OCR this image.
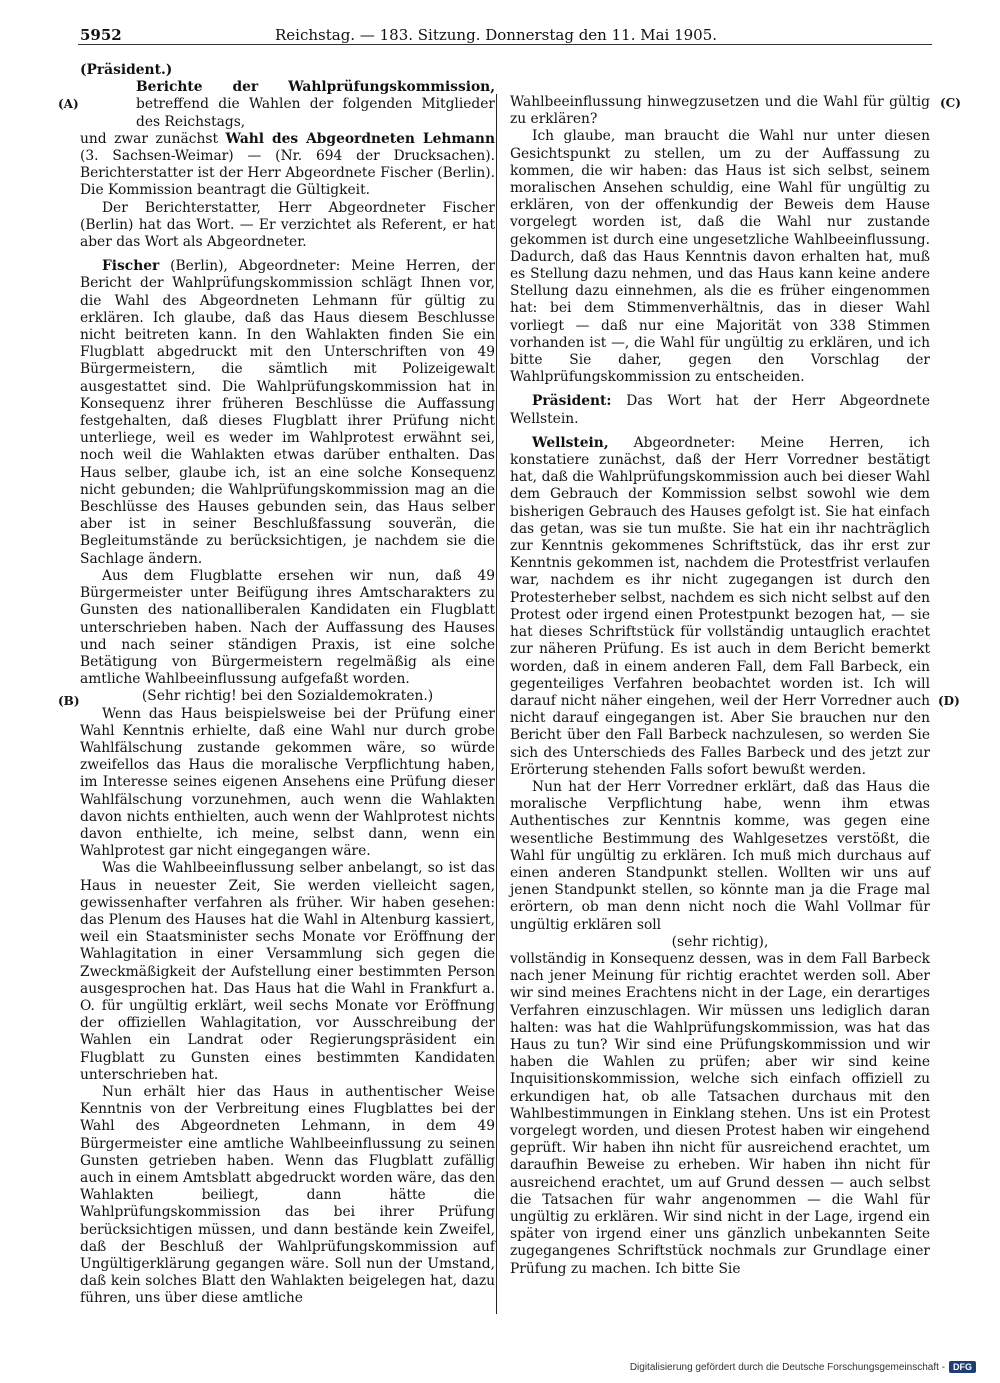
5952	Reichstag. — 183. Sitzung. Donnerstag den 11. Mai 1905.
(A)
(B)
(C)
(D)

(Präsident.)

Berichte der Wahlprüfungskommission, betreffend die Wahlen der folgenden Mitglieder des Reichstags,

und zwar zunächst Wahl des Abgeordneten Lehmann (3. Sachsen-Weimar) — (Nr. 694 der Drucksachen). Berichterstatter ist der Herr Abgeordnete Fischer (Berlin). Die Kommission beantragt die Gültigkeit.

Der Berichterstatter, Herr Abgeordneter Fischer (Berlin) hat das Wort. — Er verzichtet als Referent, er hat aber das Wort als Abgeordneter.

Fischer (Berlin), Abgeordneter: Meine Herren, der Bericht der Wahlprüfungskommission schlägt Ihnen vor, die Wahl des Abgeordneten Lehmann für gültig zu erklären. Ich glaube, daß das Haus diesem Beschlusse nicht beitreten kann. In den Wahlakten finden Sie ein Flugblatt abgedruckt mit den Unterschriften von 49 Bürgermeistern, die sämtlich mit Polizeigewalt ausgestattet sind. Die Wahlprüfungskommission hat in Konsequenz ihrer früheren Beschlüsse die Auffassung festgehalten, daß dieses Flugblatt ihrer Prüfung nicht unterliege, weil es weder im Wahlprotest erwähnt sei, noch weil die Wahlakten etwas darüber enthalten. Das Haus selber, glaube ich, ist an eine solche Konsequenz nicht gebunden; die Wahlprüfungskommission mag an die Beschlüsse des Hauses gebunden sein, das Haus selber aber ist in seiner Beschlußfassung souverän, die Begleitumstände zu berücksichtigen, je nachdem sie die Sachlage ändern.

Aus dem Flugblatte ersehen wir nun, daß 49 Bürgermeister unter Beifügung ihres Amtscharakters zu Gunsten des nationalliberalen Kandidaten ein Flugblatt unterschrieben haben. Nach der Auffassung des Hauses und nach seiner ständigen Praxis, ist eine solche Betätigung von Bürgermeistern regelmäßig als eine amtliche Wahlbeeinflussung aufgefaßt worden.

(Sehr richtig! bei den Sozialdemokraten.)

Wenn das Haus beispielsweise bei der Prüfung einer Wahl Kenntnis erhielte, daß eine Wahl nur durch grobe Wahlfälschung zustande gekommen wäre, so würde zweifellos das Haus die moralische Verpflichtung haben, im Interesse seines eigenen Ansehens eine Prüfung dieser Wahlfälschung vorzunehmen, auch wenn die Wahlakten davon nichts enthielten, auch wenn der Wahlprotest nichts davon enthielte, ich meine, selbst dann, wenn ein Wahlprotest gar nicht eingegangen wäre.

Was die Wahlbeeinflussung selber anbelangt, so ist das Haus in neuester Zeit, Sie werden vielleicht sagen, gewissenhafter verfahren als früher. Wir haben gesehen: das Plenum des Hauses hat die Wahl in Altenburg kassiert, weil ein Staatsminister sechs Monate vor Eröffnung der Wahlagitation in einer Versammlung sich gegen die Zweckmäßigkeit der Aufstellung einer bestimmten Person ausgesprochen hat. Das Haus hat die Wahl in Frankfurt a. O. für ungültig erklärt, weil sechs Monate vor Eröffnung der offiziellen Wahlagitation, vor Ausschreibung der Wahlen ein Landrat oder Regierungspräsident ein Flugblatt zu Gunsten eines bestimmten Kandidaten unterschrieben hat.

Nun erhält hier das Haus in authentischer Weise Kenntnis von der Verbreitung eines Flugblattes bei der Wahl des Abgeordneten Lehmann, in dem 49 Bürgermeister eine amtliche Wahlbeeinflussung zu seinen Gunsten getrieben haben. Wenn das Flugblatt zufällig auch in einem Amtsblatt abgedruckt worden wäre, das den Wahlakten beiliegt, dann hätte die Wahlprüfungskommission das bei ihrer Prüfung berücksichtigen müssen, und dann bestände kein Zweifel, daß der Beschluß der Wahlprüfungskommission auf Ungültigerklärung gegangen wäre. Soll nun der Umstand, daß kein solches Blatt den Wahlakten beigelegen hat, dazu führen, uns über diese amtliche

Wahlbeeinflussung hinwegzusetzen und die Wahl für gültig zu erklären?

Ich glaube, man braucht die Wahl nur unter diesen Gesichtspunkt zu stellen, um zu der Auffassung zu kommen, die wir haben: das Haus ist sich selbst, seinem moralischen Ansehen schuldig, eine Wahl für ungültig zu erklären, von der offenkundig der Beweis dem Hause vorgelegt worden ist, daß die Wahl nur zustande gekommen ist durch eine ungesetzliche Wahlbeeinflussung. Dadurch, daß das Haus Kenntnis davon erhalten hat, muß es Stellung dazu nehmen, und das Haus kann keine andere Stellung dazu einnehmen, als die es früher eingenommen hat: bei dem Stimmenverhältnis, das in dieser Wahl vorliegt — daß nur eine Majorität von 338 Stimmen vorhanden ist —, die Wahl für ungültig zu erklären, und ich bitte Sie daher, gegen den Vorschlag der Wahlprüfungskommission zu entscheiden.

Präsident: Das Wort hat der Herr Abgeordnete Wellstein.

Wellstein, Abgeordneter: Meine Herren, ich konstatiere zunächst, daß der Herr Vorredner bestätigt hat, daß die Wahlprüfungskommission auch bei dieser Wahl dem Gebrauch der Kommission selbst sowohl wie dem bisherigen Gebrauch des Hauses gefolgt ist. Sie hat einfach das getan, was sie tun mußte. Sie hat ein ihr nachträglich zur Kenntnis gekommenes Schriftstück, das ihr erst zur Kenntnis gekommen ist, nachdem die Protestfrist verlaufen war, nachdem es ihr nicht zugegangen ist durch den Protesterheber selbst, nachdem es sich nicht selbst auf den Protest oder irgend einen Protestpunkt bezogen hat, — sie hat dieses Schriftstück für vollständig untauglich erachtet zur näheren Prüfung. Es ist auch in dem Bericht bemerkt worden, daß in einem anderen Fall, dem Fall Barbeck, ein gegenteiliges Verfahren beobachtet worden ist. Ich will darauf nicht näher eingehen, weil der Herr Vorredner auch nicht darauf eingegangen ist. Aber Sie brauchen nur den Bericht über den Fall Barbeck nachzulesen, so werden Sie sich des Unterschieds des Falles Barbeck und des jetzt zur Erörterung stehenden Falls sofort bewußt werden.

Nun hat der Herr Vorredner erklärt, daß das Haus die moralische Verpflichtung habe, wenn ihm etwas Authentisches zur Kenntnis komme, was gegen eine wesentliche Bestimmung des Wahlgesetzes verstößt, die Wahl für ungültig zu erklären. Ich muß mich durchaus auf einen anderen Standpunkt stellen. Wollten wir uns auf jenen Standpunkt stellen, so könnte man ja die Frage mal erörtern, ob man denn nicht noch die Wahl Vollmar für ungültig erklären soll

(sehr richtig),

vollständig in Konsequenz dessen, was in dem Fall Barbeck nach jener Meinung für richtig erachtet werden soll. Aber wir sind meines Erachtens nicht in der Lage, ein derartiges Verfahren einzuschlagen. Wir müssen uns lediglich daran halten: was hat die Wahlprüfungskommission, was hat das Haus zu tun? Wir sind eine Prüfungskommission und wir haben die Wahlen zu prüfen; aber wir sind keine Inquisitionskommission, welche sich einfach offiziell zu erkundigen hat, ob alle Tatsachen durchaus mit den Wahlbestimmungen in Einklang stehen. Uns ist ein Protest vorgelegt worden, und diesen Protest haben wir eingehend geprüft. Wir haben ihn nicht für ausreichend erachtet, um daraufhin Beweise zu erheben. Wir haben ihn nicht für ausreichend erachtet, um auf Grund dessen — auch selbst die Tatsachen für wahr angenommen — die Wahl für ungültig zu erklären. Wir sind nicht in der Lage, irgend ein später von irgend einer uns gänzlich unbekannten Seite zugegangenes Schriftstück nochmals zur Grundlage einer Prüfung zu machen. Ich bitte Sie

Digitalisierung gefördert durch die Deutsche Forschungsgemeinschaft - DFG
